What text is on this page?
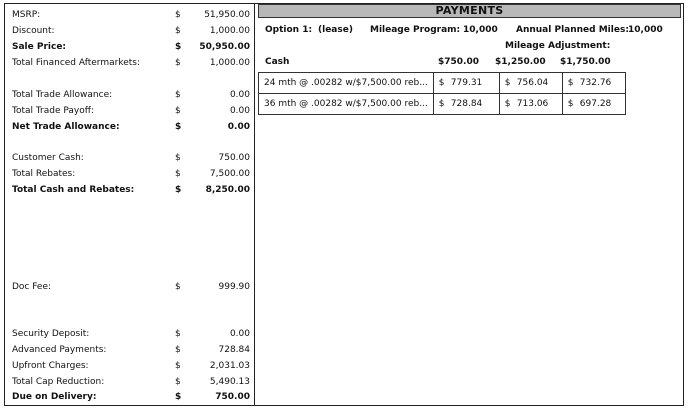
MSRP:	$	51,950.00
Discount:	$	1,000.00
Sale Price:	$ 50,950.00
Total Financed Aftermarkets:	$	1,000.00
Total Trade Allowance:	$	0.00
Total Trade Payoff:	$	0.00
Net Trade Allowance:	$	0.00
Customer Cash:	$	750.00
Total Rebates:	$	7,500.00
Total Cash and Rebates:	$	8,250.00
Doc Fee:	$	999.90
Security Deposit:	$	0.00
Advanced Payments:	$	728.84
Upfront Charges:	$	2,031.03
Total Cap Reduction:	$	5,490.13
Due on Delivery:	$	750.00
PAYMENTS
Option 1: (lease) Mileage Program: 10,000 Annual Planned Miles: 10,000
Mileage Adjustment:
Cash	$750.00 $1,250.00 $1,750.00
24 mth @ .00282 w/$7,500.00 reb...	$ 779.31	$ 756.04	$ 732.76
36 mth @ .00282 w/$7,500.00 reb...	$ 728.84	$ 713.06	$ 697.28
